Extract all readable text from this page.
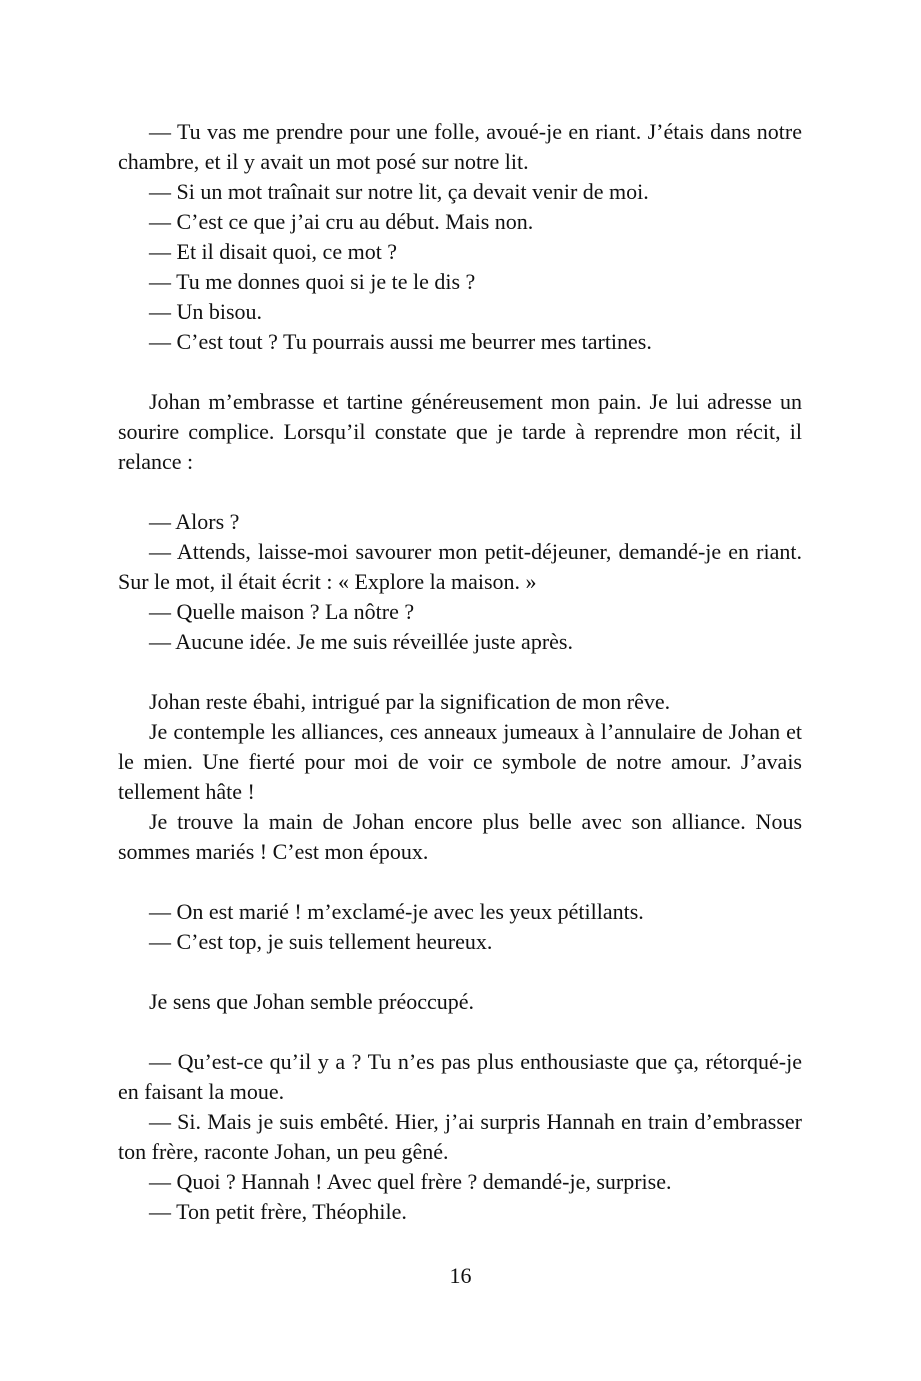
— Tu vas me prendre pour une folle, avoué-je en riant. J’étais dans notre chambre, et il y avait un mot posé sur notre lit.

— Si un mot traînait sur notre lit, ça devait venir de moi.

— C’est ce que j’ai cru au début. Mais non.

— Et il disait quoi, ce mot ?

— Tu me donnes quoi si je te le dis ?

— Un bisou.

— C’est tout ? Tu pourrais aussi me beurrer mes tartines.

Johan m’embrasse et tartine généreusement mon pain. Je lui adresse un sourire complice. Lorsqu’il constate que je tarde à reprendre mon récit, il relance :

— Alors ?

— Attends, laisse-moi savourer mon petit-déjeuner, demandé-je en riant. Sur le mot, il était écrit : « Explore la maison. »

— Quelle maison ? La nôtre ?

— Aucune idée. Je me suis réveillée juste après.

Johan reste ébahi, intrigué par la signification de mon rêve.

Je contemple les alliances, ces anneaux jumeaux à l’annulaire de Johan et le mien. Une fierté pour moi de voir ce symbole de notre amour. J’avais tellement hâte !

Je trouve la main de Johan encore plus belle avec son alliance. Nous sommes mariés ! C’est mon époux.

— On est marié ! m’exclamé-je avec les yeux pétillants.

— C’est top, je suis tellement heureux.

Je sens que Johan semble préoccupé.

— Qu’est-ce qu’il y a ? Tu n’es pas plus enthousiaste que ça, rétorqué-je en faisant la moue.

— Si. Mais je suis embêté. Hier, j’ai surpris Hannah en train d’embrasser ton frère, raconte Johan, un peu gêné.

— Quoi ? Hannah ! Avec quel frère ? demandé-je, surprise.

— Ton petit frère, Théophile.

16
